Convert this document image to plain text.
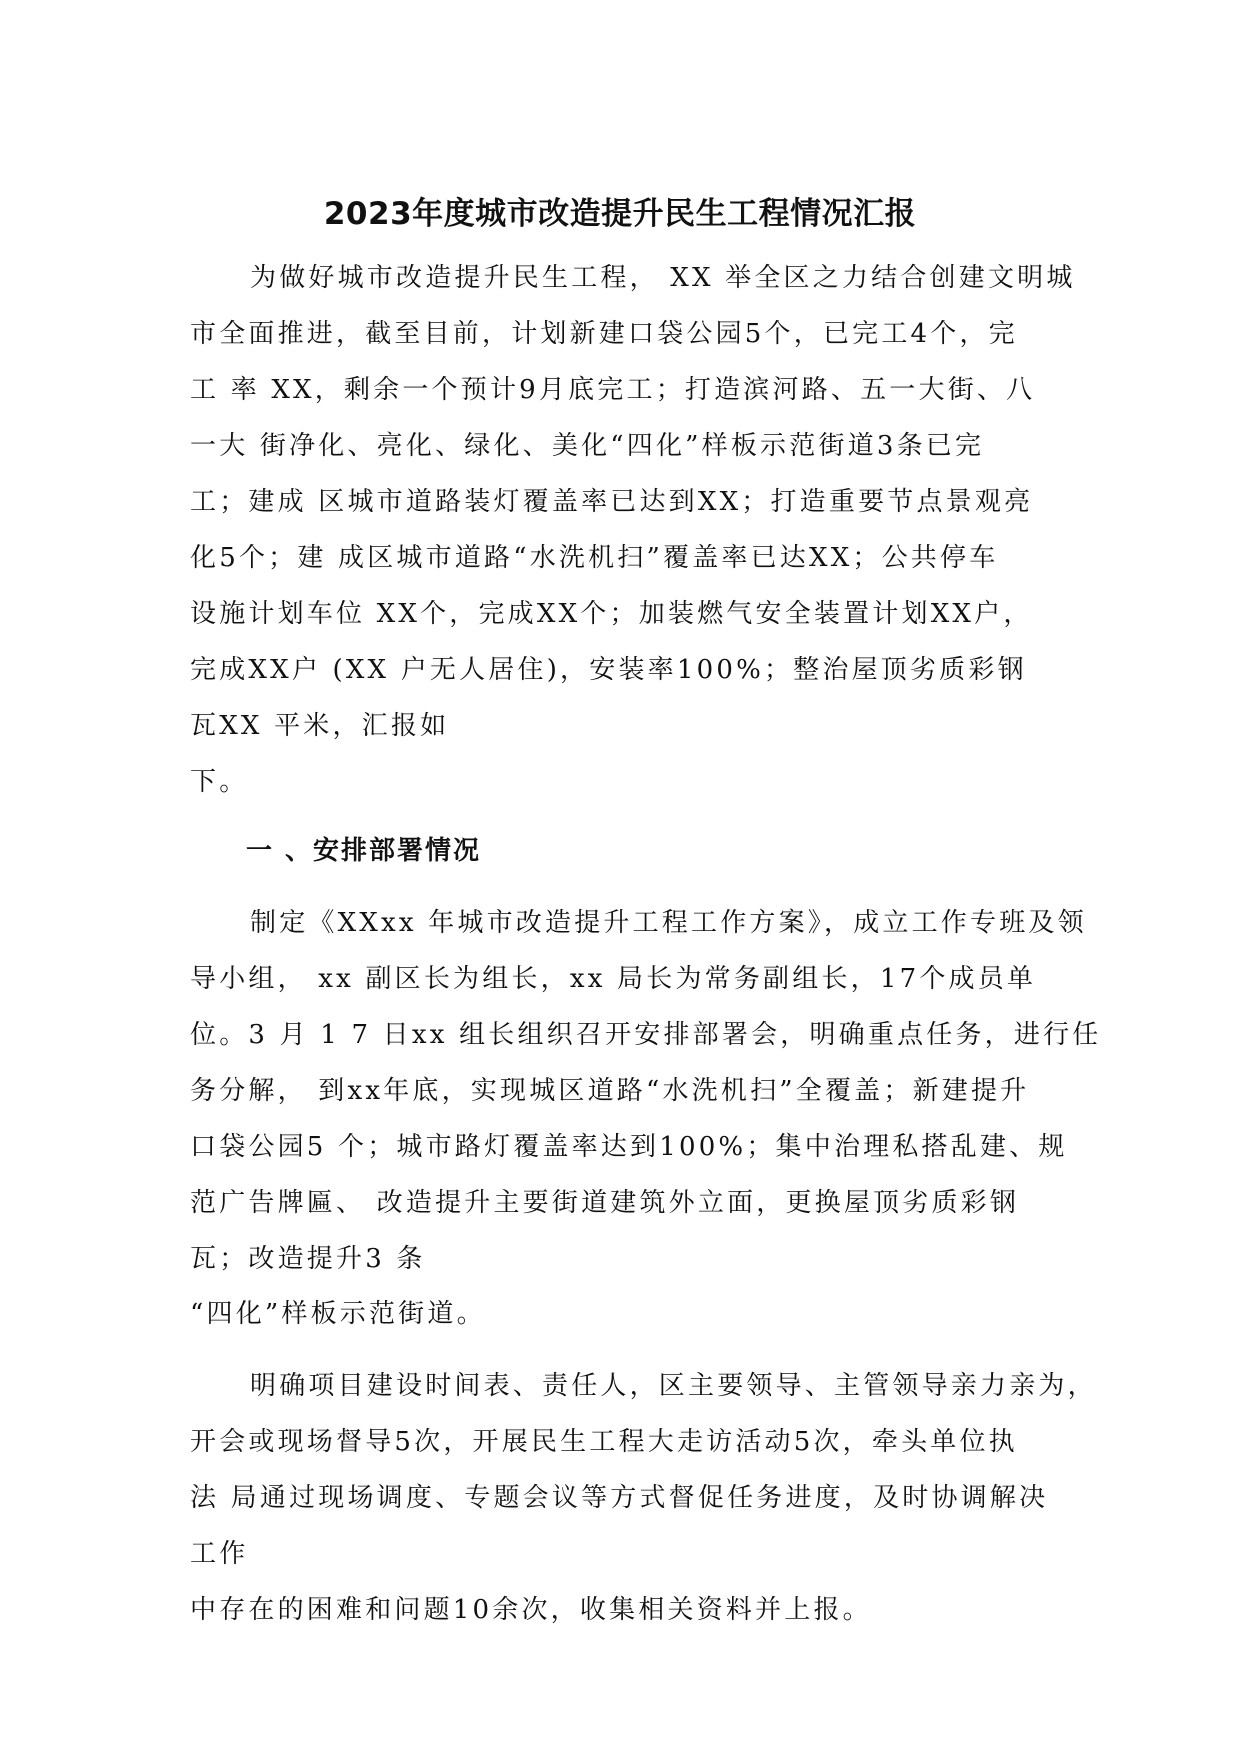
2023年度城市改造提升民生工程情况汇报
为做好城市改造提升民生工程， XX 举全区之力结合创建文明城
市全面推进，截至目前，计划新建口袋公园5个，已完工4个，完
工 率 XX，剩余一个预计9月底完工；打造滨河路、五一大街、八
一大 街净化、亮化、绿化、美化“四化”样板示范街道3条已完
工；建成 区城市道路装灯覆盖率已达到XX；打造重要节点景观亮
化5个；建 成区城市道路“水洗机扫”覆盖率已达XX；公共停车
设施计划车位 XX个，完成XX个；加装燃气安全装置计划XX户，
完成XX户 (XX 户无人居住)，安装率100%；整治屋顶劣质彩钢
瓦XX 平米，汇报如
下。
一 、安排部署情况
制定《XXxx 年城市改造提升工程工作方案》，成立工作专班及领
导小组， xx 副区长为组长，xx 局长为常务副组长，17个成员单
位。3 月 1 7 日xx 组长组织召开安排部署会，明确重点任务，进行任
务分解， 到xx年底，实现城区道路“水洗机扫”全覆盖；新建提升
口袋公园5 个；城市路灯覆盖率达到100%；集中治理私搭乱建、规
范广告牌匾、 改造提升主要街道建筑外立面，更换屋顶劣质彩钢
瓦；改造提升3 条
“四化”样板示范街道。
明确项目建设时间表、责任人，区主要领导、主管领导亲力亲为，
开会或现场督导5次，开展民生工程大走访活动5次，牵头单位执
法 局通过现场调度、专题会议等方式督促任务进度，及时协调解决
工作
中存在的困难和问题10余次，收集相关资料并上报。
